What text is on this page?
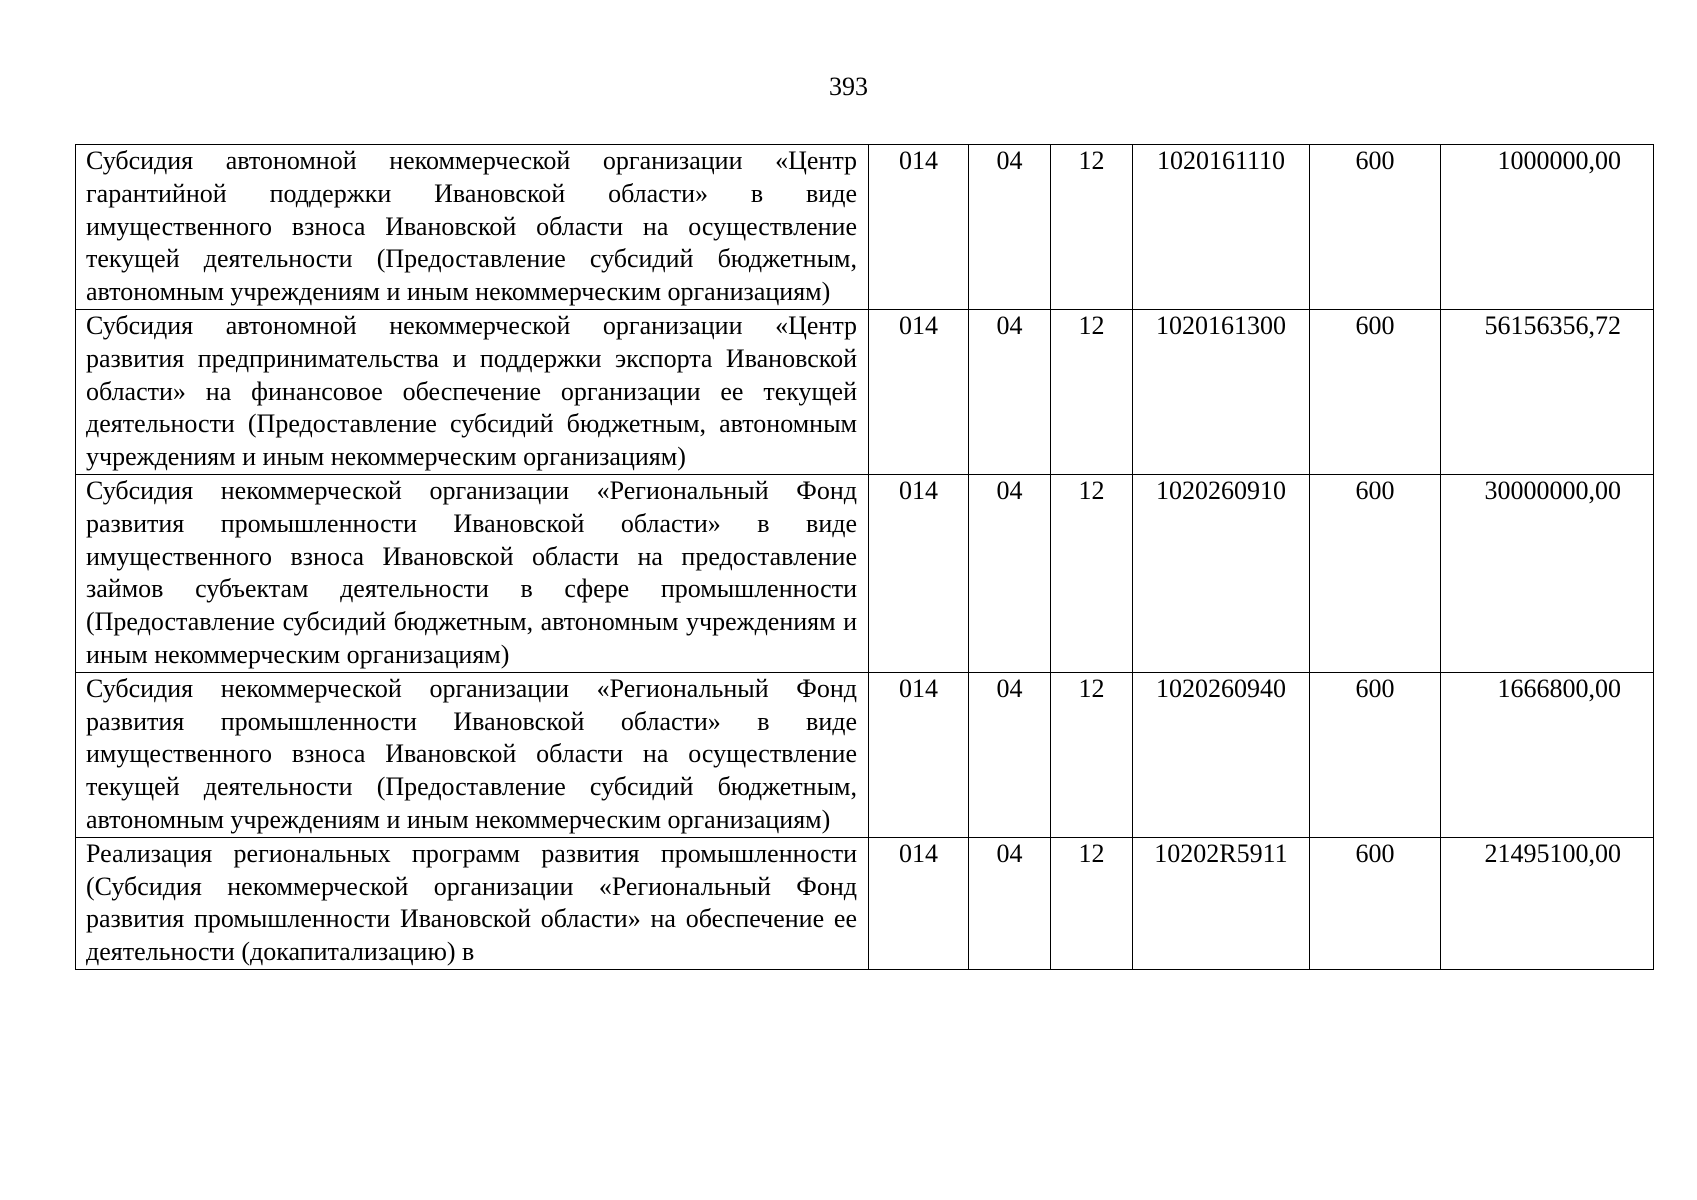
393
Субсидия автономной некоммерческой организации «Центр гарантийной поддержки Ивановской области» в виде имущественного взноса Ивановской области на осуществление текущей деятельности (Предоставление субсидий бюджетным, автономным учреждениям и иным некоммерческим организациям)	014	04	12	1020161110	600	1000000,00
Субсидия автономной некоммерческой организации «Центр развития предпринимательства и поддержки экспорта Ивановской области» на финансовое обеспечение организации ее текущей деятельности (Предоставление субсидий бюджетным, автономным учреждениям и иным некоммерческим организациям)	014	04	12	1020161300	600	56156356,72
Субсидия некоммерческой организации «Региональный Фонд развития промышленности Ивановской области» в виде имущественного взноса Ивановской области на предоставление займов субъектам деятельности в сфере промышленности (Предоставление субсидий бюджетным, автономным учреждениям и иным некоммерческим организациям)	014	04	12	1020260910	600	30000000,00
Субсидия некоммерческой организации «Региональный Фонд развития промышленности Ивановской области» в виде имущественного взноса Ивановской области на осуществление текущей деятельности (Предоставление субсидий бюджетным, автономным учреждениям и иным некоммерческим организациям)	014	04	12	1020260940	600	1666800,00
Реализация региональных программ развития промышленности (Субсидия некоммерческой организации «Региональный Фонд развития промышленности Ивановской области» на обеспечение ее деятельности (докапитализацию) в	014	04	12	10202R5911	600	21495100,00
